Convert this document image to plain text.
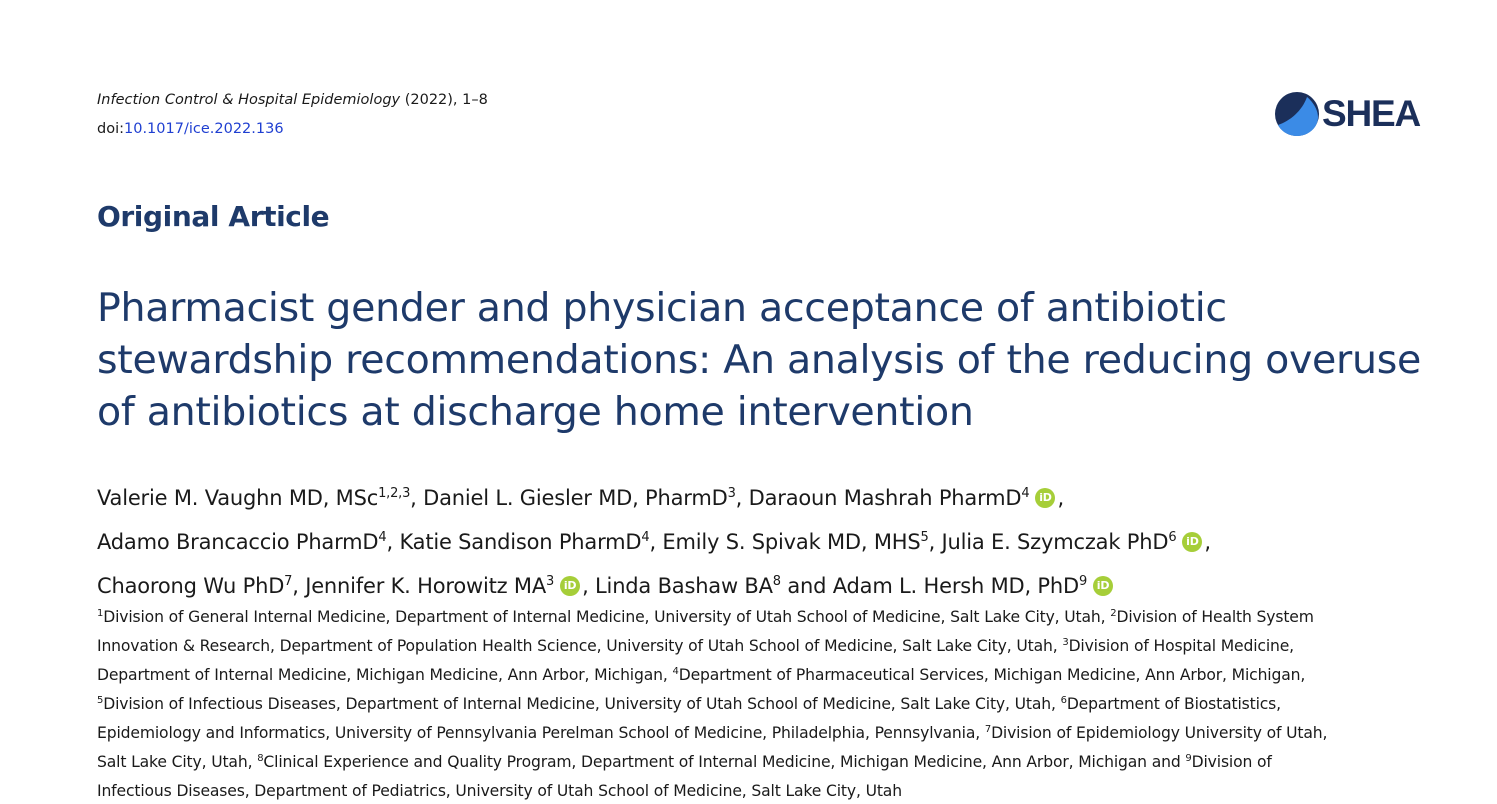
Infection Control & Hospital Epidemiology (2022), 1–8
doi:10.1017/ice.2022.136	SHEA
Original Article
Pharmacist gender and physician acceptance of antibiotic
stewardship recommendations: An analysis of the reducing overuse
of antibiotics at discharge home intervention
Valerie M. Vaughn MD, MSc$^{1,2,3}$, Daniel L. Giesler MD, PharmD$^3$, Daraoun Mashrah PharmD$^4$ iD ,
Adamo Brancaccio PharmD$^4$, Katie Sandison PharmD$^4$, Emily S. Spivak MD, MHS$^5$, Julia E. Szymczak PhD$^6$ iD ,
Chaorong Wu PhD$^7$, Jennifer K. Horowitz $MA^3$ iD , Linda Bashaw $BA^8$ and Adam L. Hersh MD, PhD$^9$ iD
$^1$Division of General Internal Medicine, Department of Internal Medicine, University of Utah School of Medicine, Salt Lake City, Utah, $^2$Division of Health System
Innovation & Research, Department of Population Health Science, University of Utah School of Medicine, Salt Lake City, Utah, $^3$Division of Hospital Medicine,
Department of Internal Medicine, Michigan Medicine, Ann Arbor, Michigan, $^4$Department of Pharmaceutical Services, Michigan Medicine, Ann Arbor, Michigan,
$^5$Division of Infectious Diseases, Department of Internal Medicine, University of Utah School of Medicine, Salt Lake City, Utah, $^6$Department of Biostatistics,
Epidemiology and Informatics, University of Pennsylvania Perelman School of Medicine, Philadelphia, Pennsylvania, $^7$Division of Epidemiology University of Utah,
Salt Lake City, Utah, $^8$Clinical Experience and Quality Program, Department of Internal Medicine, Michigan Medicine, Ann Arbor, Michigan and $^9$Division of
Infectious Diseases, Department of Pediatrics, University of Utah School of Medicine, Salt Lake City, Utah
